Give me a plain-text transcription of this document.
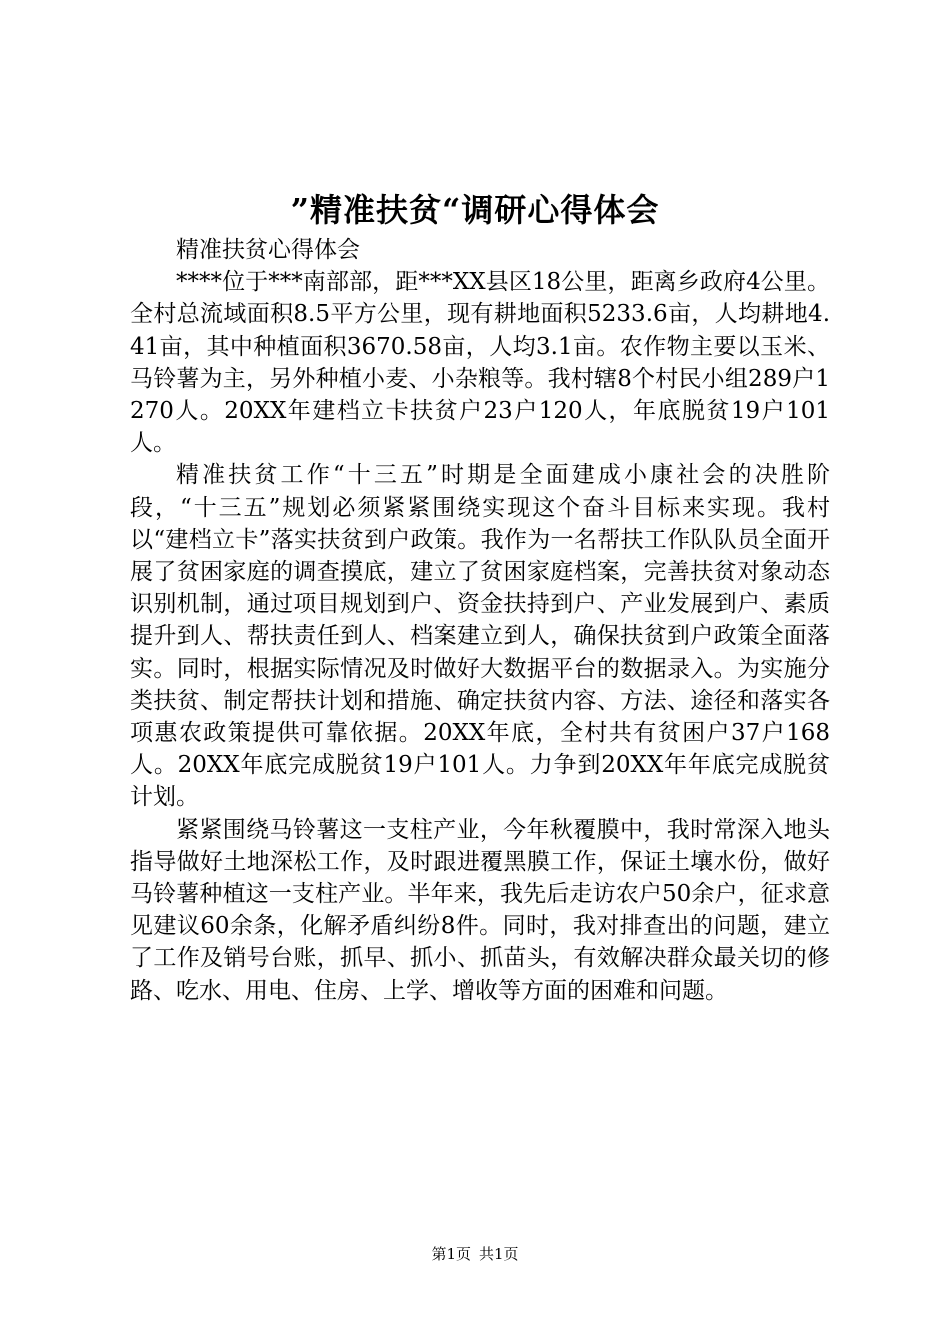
”精准扶贫“调研心得体会

精准扶贫心得体会

****位于***南部部，距***XX县区18公里，距离乡政府4公里。全村总流域面积8.5平方公里，现有耕地面积5233.6亩，人均耕地4.41亩，其中种植面积3670.58亩，人均3.1亩。农作物主要以玉米、马铃薯为主，另外种植小麦、小杂粮等。我村辖8个村民小组289户1270人。20XX年建档立卡扶贫户23户120人，年底脱贫19户101人。

精准扶贫工作“十三五”时期是全面建成小康社会的决胜阶段，“十三五”规划必须紧紧围绕实现这个奋斗目标来实现。我村以“建档立卡”落实扶贫到户政策。我作为一名帮扶工作队队员全面开展了贫困家庭的调查摸底，建立了贫困家庭档案，完善扶贫对象动态识别机制，通过项目规划到户、资金扶持到户、产业发展到户、素质提升到人、帮扶责任到人、档案建立到人，确保扶贫到户政策全面落实。同时，根据实际情况及时做好大数据平台的数据录入。为实施分类扶贫、制定帮扶计划和措施、确定扶贫内容、方法、途径和落实各项惠农政策提供可靠依据。20XX年底，全村共有贫困户37户168人。20XX年底完成脱贫19户101人。力争到20XX年年底完成脱贫计划。

紧紧围绕马铃薯这一支柱产业，今年秋覆膜中，我时常深入地头指导做好土地深松工作，及时跟进覆黑膜工作，保证土壤水份，做好马铃薯种植这一支柱产业。半年来，我先后走访农户50余户，征求意见建议60余条，化解矛盾纠纷8件。同时，我对排查出的问题，建立了工作及销号台账，抓早、抓小、抓苗头，有效解决群众最关切的修路、吃水、用电、住房、上学、增收等方面的困难和问题。

第1页 共1页
